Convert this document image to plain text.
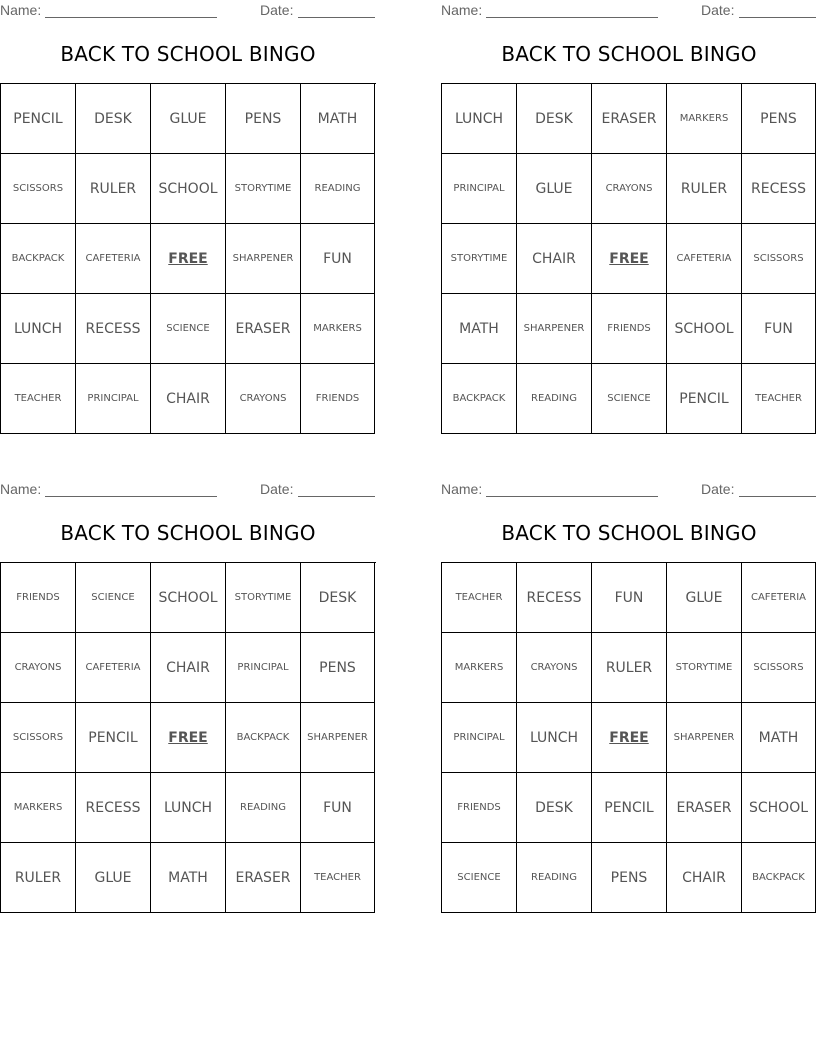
Name:	Date:
BACK TO SCHOOL BINGO
PENCIL	DESK	GLUE	PENS	MATH
SCISSORS	RULER	SCHOOL	STORYTIME	READING
BACKPACK	CAFETERIA	FREE	SHARPENER	FUN
LUNCH	RECESS	SCIENCE	ERASER	MARKERS
TEACHER	PRINCIPAL	CHAIR	CRAYONS	FRIENDS
Name:	Date:
BACK TO SCHOOL BINGO
LUNCH	DESK	ERASER	MARKERS	PENS
PRINCIPAL	GLUE	CRAYONS	RULER	RECESS
STORYTIME	CHAIR	FREE	CAFETERIA	SCISSORS
MATH	SHARPENER	FRIENDS	SCHOOL	FUN
BACKPACK	READING	SCIENCE	PENCIL	TEACHER
Name:	Date:
BACK TO SCHOOL BINGO
FRIENDS	SCIENCE	SCHOOL	STORYTIME	DESK
CRAYONS	CAFETERIA	CHAIR	PRINCIPAL	PENS
SCISSORS	PENCIL	FREE	BACKPACK	SHARPENER
MARKERS	RECESS	LUNCH	READING	FUN
RULER	GLUE	MATH	ERASER	TEACHER
Name:	Date:
BACK TO SCHOOL BINGO
TEACHER	RECESS	FUN	GLUE	CAFETERIA
MARKERS	CRAYONS	RULER	STORYTIME	SCISSORS
PRINCIPAL	LUNCH	FREE	SHARPENER	MATH
FRIENDS	DESK	PENCIL	ERASER	SCHOOL
SCIENCE	READING	PENS	CHAIR	BACKPACK
